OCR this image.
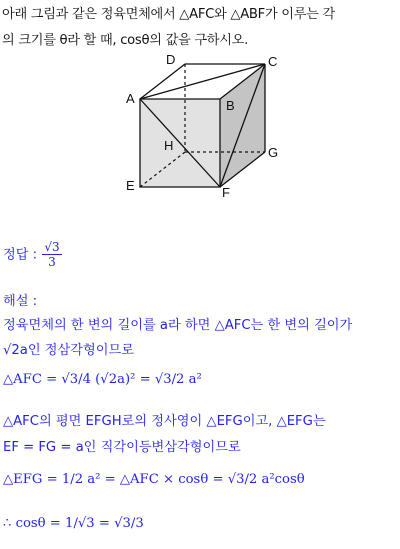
아래 그림과 같은 정육면체에서 △AFC와 △ABF가 이루는 각
의 크기를 θ라 할 때, cosθ의 값을 구하시오.
A	B
C
D
E	F
G
H
정답 : $\frac{√3}{3}$
해설 :
정육면체의 한 변의 길이를 a라 하면 △AFC는 한 변의 길이가
√2a인 정삼각형이므로
△AFC = √3/4 (√2a)² = √3/2 a²
△AFC의 평면 EFGH로의 정사영이 △EFG이고, △EFG는
EF = FG = a인 직각이등변삼각형이므로
△EFG = 1/2 a² = △AFC × cosθ = √3/2 a²cosθ
∴ cosθ = 1/√3 = √3/3
